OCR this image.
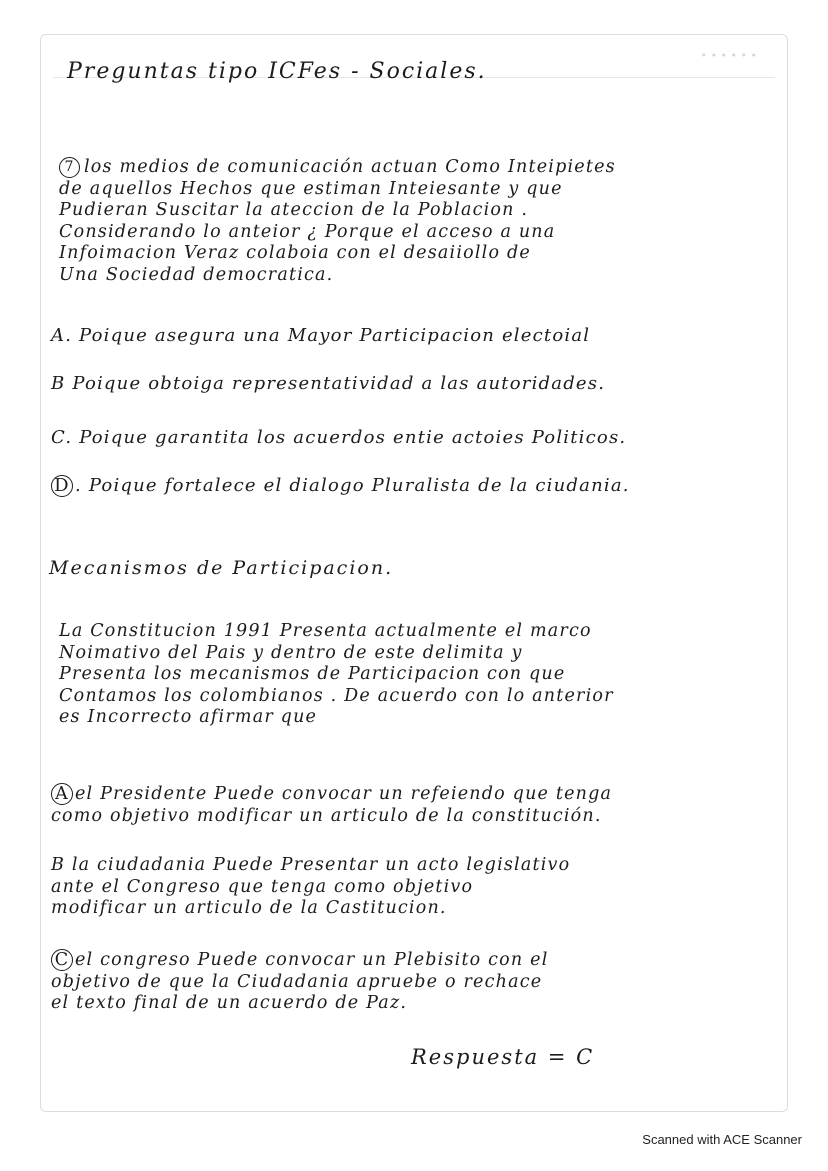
• • • • • •

Preguntas tipo ICFes - Sociales.

7 los medios de comunicación actuan Como Inteipietes
de aquellos Hechos que estiman Inteiesante y que
Pudieran Suscitar la ateccion de la Poblacion .
Considerando lo anteior ¿ Porque el acceso a una
Infoimacion Veraz colaboia con el desaiiollo de
Una Sociedad democratica.
A. Poique asegura una Mayor Participacion electoial
B Poique obtoiga representatividad a las autoridades.
C. Poique garantita los acuerdos entie actoies Politicos.
D . Poique fortalece el dialogo Pluralista de la ciudania.
Mecanismos de Participacion.
La Constitucion 1991 Presenta actualmente el marco
Noimativo del Pais y dentro de este delimita y
Presenta los mecanismos de Participacion con que
Contamos los colombianos . De acuerdo con lo anterior
es Incorrecto afirmar que
A el Presidente Puede convocar un refeiendo que tenga
como objetivo modificar un articulo de la constitución.
B la ciudadania Puede Presentar un acto legislativo
ante el Congreso que tenga como objetivo
modificar un articulo de la Castitucion.
C el congreso Puede convocar un Plebisito con el
objetivo de que la Ciudadania apruebe o rechace
el texto final de un acuerdo de Paz.
Respuesta = C
Scanned with ACE Scanner
